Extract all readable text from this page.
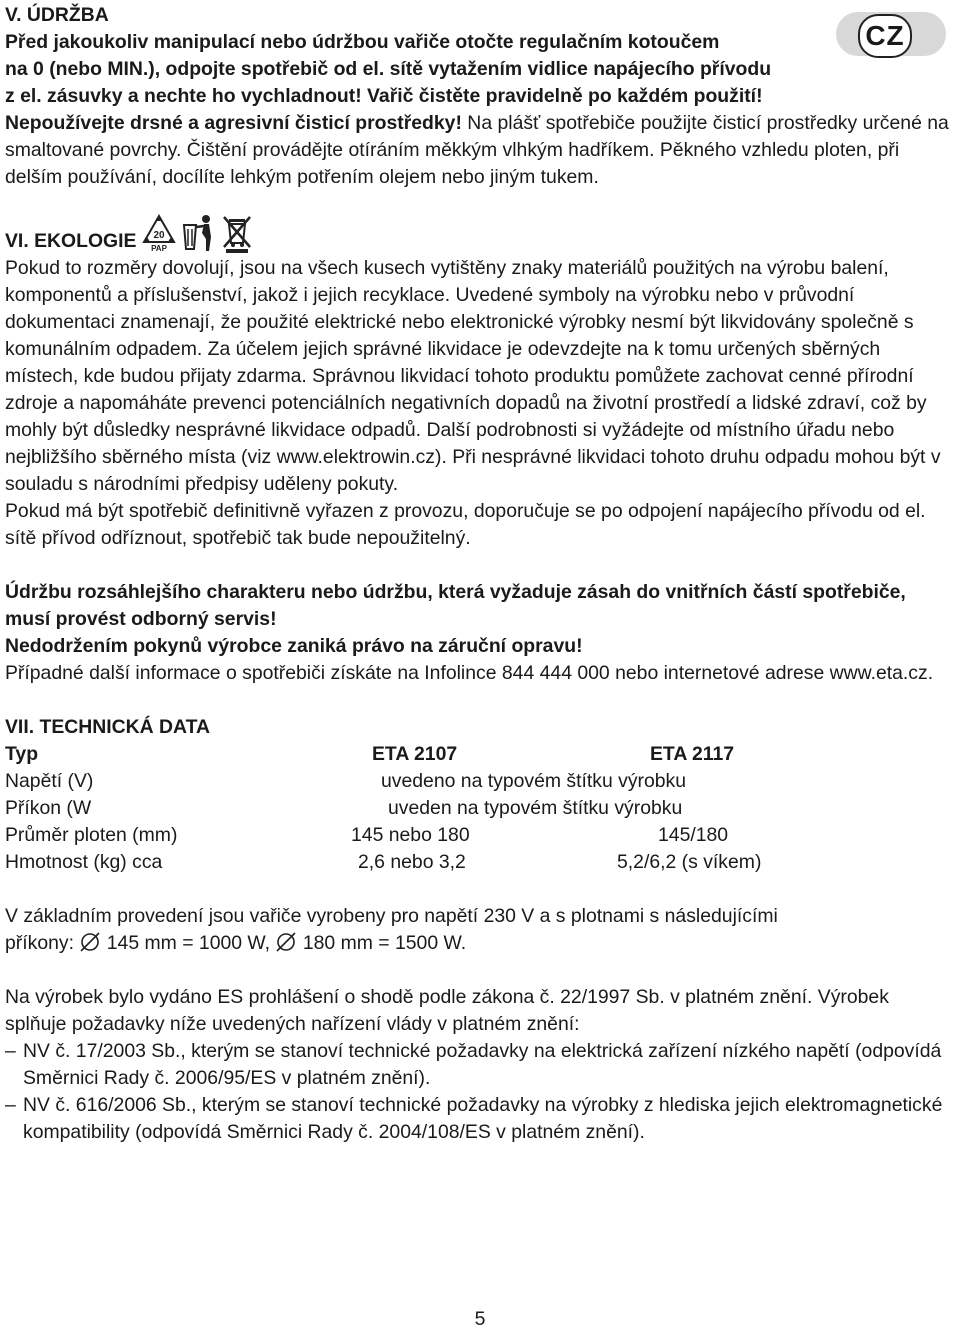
CZ
V. ÚDRŽBA
Před jakoukoliv manipulací nebo údržbou vařiče otočte regulačním kotoučem
na 0 (nebo MIN.), odpojte spotřebič od el. sítě vytažením vidlice napájecího přívodu
z el. zásuvky a nechte ho vychladnout! Vařič čistěte pravidelně po každém použití!

Nepoužívejte drsné a agresivní čisticí prostředky! Na plášť spotřebiče použijte čisticí prostředky určené na smaltované povrchy. Čištění provádějte otíráním měkkým vlhkým hadříkem. Pěkného vzhledu ploten, při delším používání, docílíte lehkým potřením olejem nebo jiným tukem.

VI. EKOLOGIE 20
PAP

Pokud to rozměry dovolují, jsou na všech kusech vytištěny znaky materiálů použitých na výrobu balení, komponentů a příslušenství, jakož i jejich recyklace. Uvedené symboly na výrobku nebo v průvodní dokumentaci znamenají, že použité elektrické nebo elektronické výrobky nesmí být likvidovány společně s komunálním odpadem. Za účelem jejich správné likvidace je odevzdejte na k tomu určených sběrných místech, kde budou přijaty zdarma. Správnou likvidací tohoto produktu pomůžete zachovat cenné přírodní zdroje a napomáháte prevenci potenciálních negativních dopadů na životní prostředí a lidské zdraví, což by mohly být důsledky nesprávné likvidace odpadů. Další podrobnosti si vyžádejte od místního úřadu nebo nejbližšího sběrného místa (viz www.elektrowin.cz). Při nesprávné likvidaci tohoto druhu odpadu mohou být v souladu s národními předpisy uděleny pokuty.

Pokud má být spotřebič definitivně vyřazen z provozu, doporučuje se po odpojení napájecího přívodu od el. sítě přívod odříznout, spotřebič tak bude nepoužitelný.

Údržbu rozsáhlejšího charakteru nebo údržbu, která vyžaduje zásah do vnitřních částí spotřebiče, musí provést odborný servis!

Nedodržením pokynů výrobce zaniká právo na záruční opravu!

Případné další informace o spotřebiči získáte na Infolince 844 444 000 nebo internetové adrese www.eta.cz.

VII. TECHNICKÁ DATA
Typ	ETA 2107	ETA 2117
Napětí (V)	uvedeno na typovém štítku výrobku
Příkon (W	uveden na typovém štítku výrobku
Průměr ploten (mm)	145 nebo 180	145/180
Hmotnost (kg) cca	2,6 nebo 3,2	5,2/6,2 (s víkem)
V základním provedení jsou vařiče vyrobeny pro napětí 230 V a s plotnami s následujícími
příkony: 145 mm = 1000 W, 180 mm = 1500 W.

Na výrobek bylo vydáno ES prohlášení o shodě podle zákona č. 22/1997 Sb. v platném znění. Výrobek splňuje požadavky níže uvedených nařízení vlády v platném znění:

– NV č. 17/2003 Sb., kterým se stanoví technické požadavky na elektrická zařízení nízkého napětí (odpovídá Směrnici Rady č. 2006/95/ES v platném znění).
– NV č. 616/2006 Sb., kterým se stanoví technické požadavky na výrobky z hlediska jejich elektromagnetické kompatibility (odpovídá Směrnici Rady č. 2004/108/ES v platném znění).
5
